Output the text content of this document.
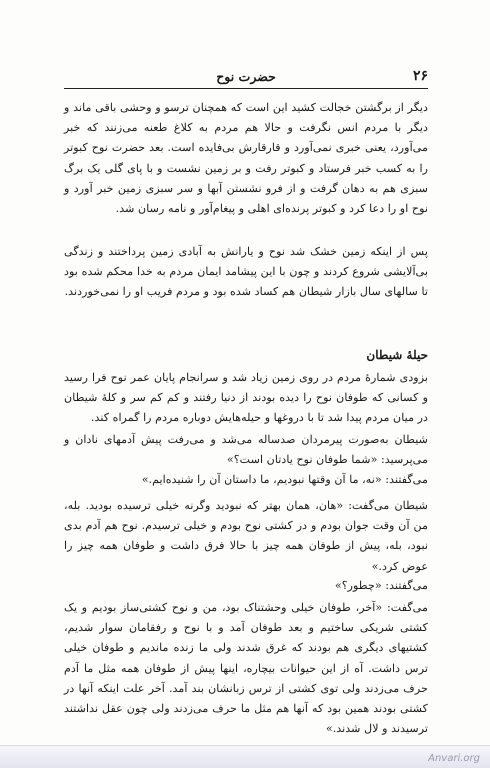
۲۶
حضرت نوح

دیگر از برگشتن خجالت کشید این است که همچنان ترسو و وحشی باقی ماند و دیگر با مردم انس نگرفت و حالا هم مردم به کلاغ طعنه می‌زنند که خبر می‌آورد، یعنی خبری نمی‌آورد و قارقارش بی‌فایده است. بعد حضرت نوح کبوتر را به کسب خبر فرستاد و کبوتر رفت و بر زمین نشست و با پای گلی یک برگ سبزی هم به دهان گرفت و از فرو نشستن آبها و سر سبزی زمین خبر آورد و نوح او را دعا کرد و کبوتر پرنده‌ای اهلی و پیغام‌آور و نامه رسان شد.

پس از اینکه زمین خشک شد نوح و یارانش به آبادی زمین پرداختند و زندگی بی‌آلایشی شروع کردند و چون با این پیشامد ایمان مردم به خدا محکم شده بود تا سالهای سال بازار شیطان هم کساد شده بود و مردم فریب او را نمی‌خوردند.

حیلهٔ شیطان

بزودی شمارهٔ مردم در روی زمین زیاد شد و سرانجام پایان عمر نوح فرا رسید و کسانی که طوفان نوح را دیده بودند از دنیا رفتند و کم کم سر و کلهٔ شیطان در میان مردم پیدا شد تا با دروغها و حیله‌هایش دوباره مردم را گمراه کند.

شیطان به‌صورت پیرمردان صدساله می‌شد و می‌رفت پیش آدمهای نادان و می‌پرسید: «شما طوفان نوح یادتان است؟»

می‌گفتند: «نه، ما آن وقتها نبودیم، ما داستان آن را شنیده‌ایم.»

شیطان می‌گفت: «هان، همان بهتر که نبودید وگرنه خیلی ترسیده بودید. بله، من آن وقت جوان بودم و در کشتی نوح بودم و خیلی ترسیدم. نوح هم آدم بدی نبود، بله، پیش از طوفان همه چیز با حالا فرق داشت و طوفان همه چیز را عوض کرد.»

می‌گفتند: «چطور؟»

می‌گفت: «آخر، طوفان خیلی وحشتناک بود، من و نوح کشتی‌ساز بودیم و یک کشتی شریکی ساختیم و بعد طوفان آمد و با نوح و رفقامان سوار شدیم، کشتیهای دیگری هم بودند که غرق شدند ولی ما زنده ماندیم و طوفان خیلی ترس داشت. آه از این حیوانات بیچاره، اینها پیش از طوفان همه مثل ما آدم حرف می‌زدند ولی توی کشتی از ترس زبانشان بند آمد. آخر علت اینکه آنها در کشتی بودند همین بود که آنها هم مثل ما حرف می‌زدند ولی چون عقل نداشتند ترسیدند و لال شدند.»

Anvari.org
